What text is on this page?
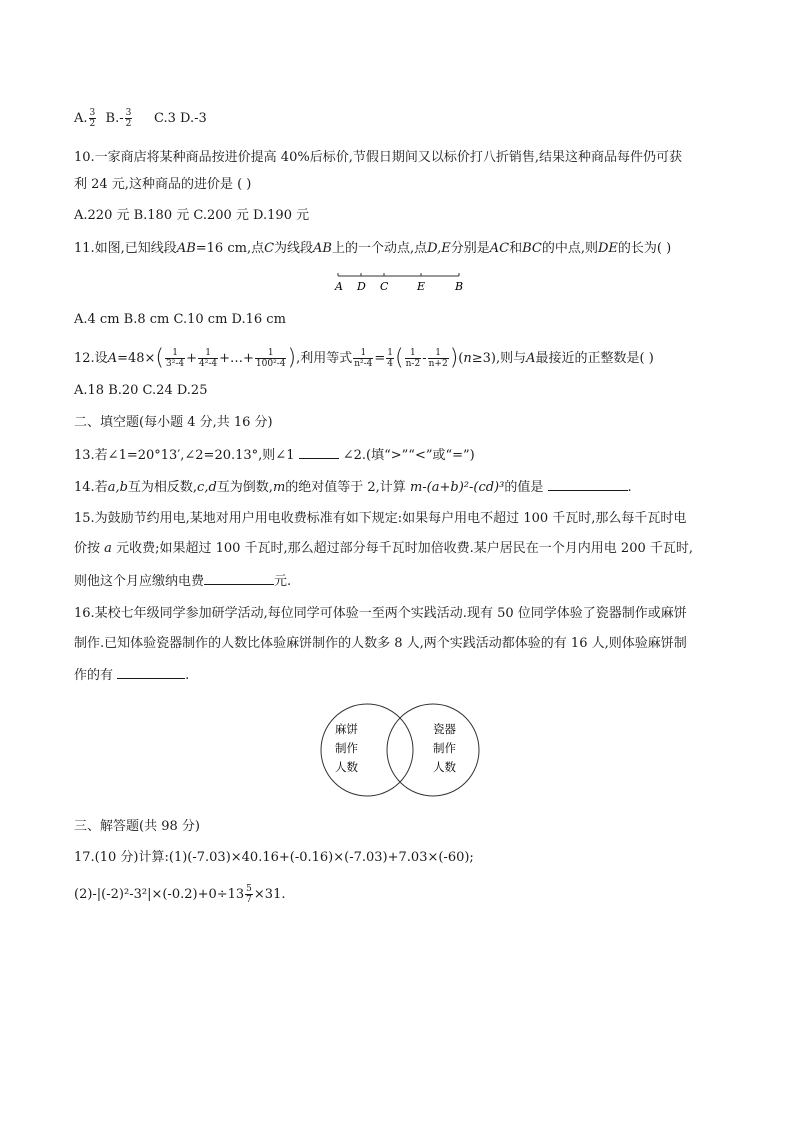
A. $\frac{3}{2} B.- \frac{3}{2} C.3$ D.-3
10.一家商店将某种商品按进价提高 40%后标价,节假日期间又以标价打八折销售,结果这种商品每件仍可获
利 24 元,这种商品的进价是 ( )
A.220 元 B.180 元 C.200 元 D.190 元
11.如图,已知线段AB=16 cm,点C为线段AB上的一个动点,点D,E分别是AC和BC的中点,则DE的长为( )
A D C	E	B
A.4 cm B.8 cm C.10 cm D.16 cm
12.设$A=48\times( \frac{1}{\text{3²-4}} + \frac{1}{\text{4²-4}}$ +…+ $\frac{1}{\text{100²-4}}$ ),利用等式 $\frac{1}{\text{n²-4}} = \frac{1}{4}$ ( $\frac{1}{n-2} - \frac{1}{n+2} )(n\ge 3)$,则与A最接近的正整数是( )
A.18 B.20 C.24 D.25
二、填空题(每小题 4 分,共 16 分)
13.若∠1=20°13′,∠2=20.13°,则∠1	∠2.(填“>”“<”或“=”)
14.若a,b互为相反数,c,d互为倒数,m的绝对值等于 2,计算 m-(a+b)²-(cd)³的值是	.
15.为鼓励节约用电,某地对用户用电收费标准有如下规定:如果每户用电不超过 100 千瓦时,那么每千瓦时电
价按 a 元收费;如果超过 100 千瓦时,那么超过部分每千瓦时加倍收费.某户居民在一个月内用电 200 千瓦时,
则他这个月应缴纳电费	元.
16.某校七年级同学参加研学活动,每位同学可体验一至两个实践活动.现有 50 位同学体验了瓷器制作或麻饼
制作.已知体验瓷器制作的人数比体验麻饼制作的人数多 8 人,两个实践活动都体验的有 16 人,则体验麻饼制
作的有	.
麻饼
制作
人数
瓷器
制作
人数
三、解答题(共 98 分)
17.(10 分)计算:(1)(-7.03)×40.16+(-0.16)×(-7.03)+7.03×(-60);
$(2)-|(-2)^2-3^2|\times(-0.2)+0\div 13 \frac{5}{7} \times 31$.
